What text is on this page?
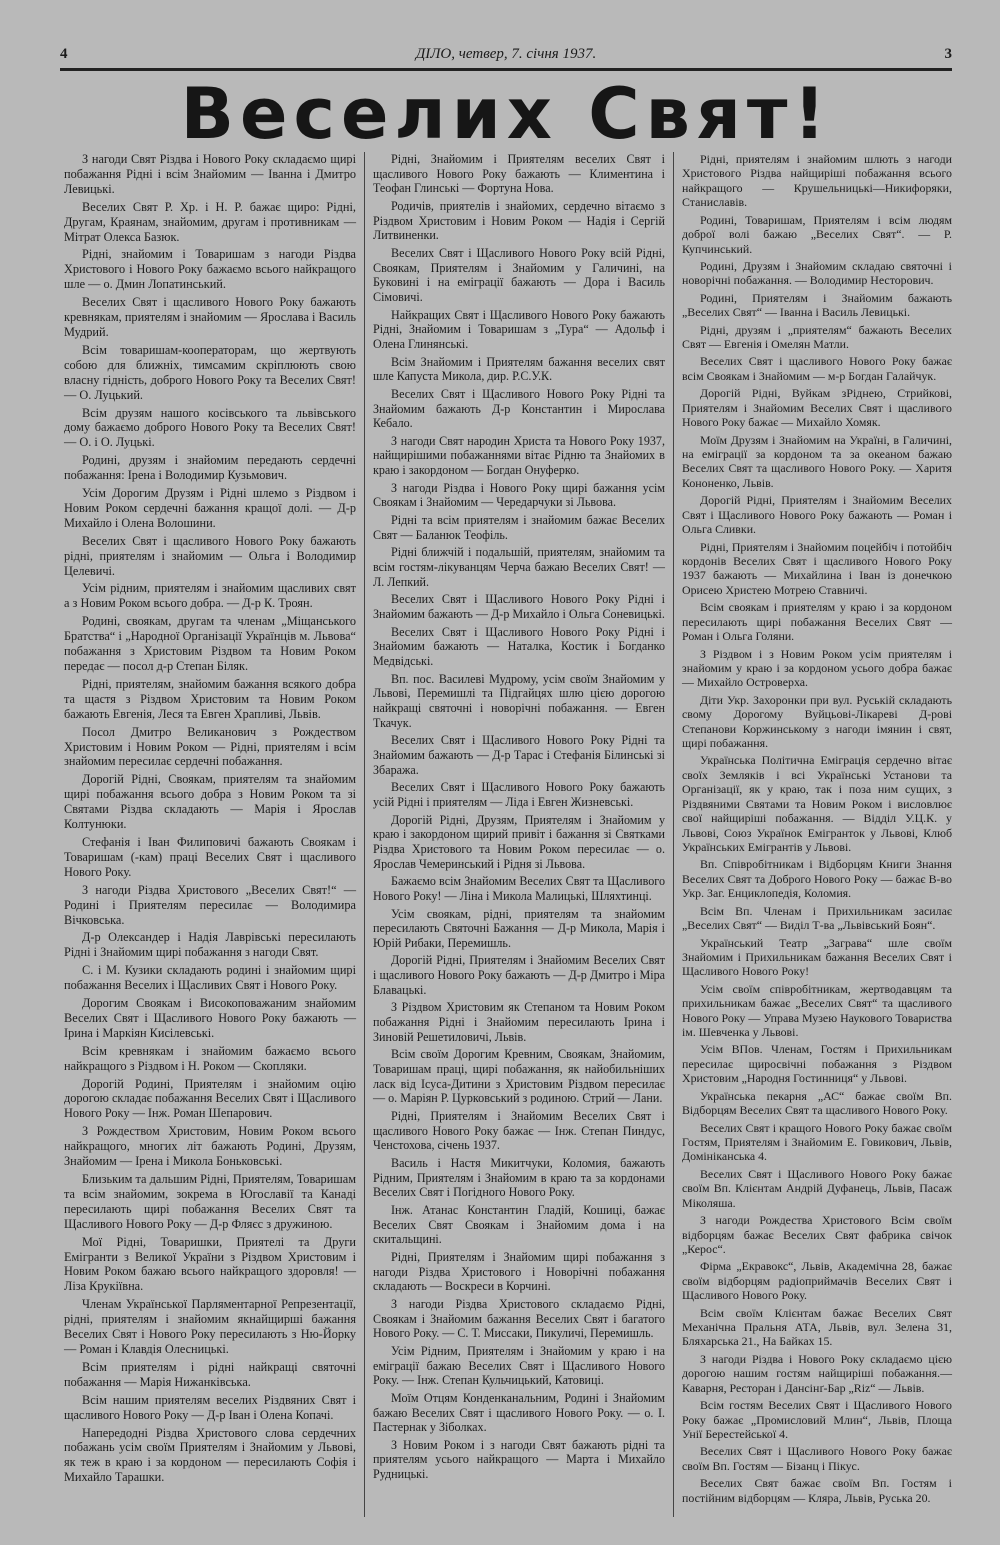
4	ДІЛО, четвер, 7. січня 1937.	3
Веселих Свят!

З нагоди Свят Різдва і Нового Року складаємо щирі побажання Рідні і всім Знайомим — Іванна і Дмитро Левицькі.

Веселих Свят Р. Хр. і Н. Р. бажає щиро: Рідні, Другам, Краянам, знайомим, другам і противникам — Мітрат Олекса Базюк.

Рідні, знайомим і Товаришам з нагоди Різдва Христового і Нового Року бажаємо всього найкращого шле — о. Дмин Лопатинський.

Веселих Свят і щасливого Нового Року бажають кревнякам, приятелям і знайомим — Ярослава і Василь Мудрий.

Всім товаришам-кооператорам, що жертвують собою для ближніх, тимсамим скріплюють свою власну гідність, доброго Нового Року та Веселих Свят! — О. Луцький.

Всім друзям нашого косівського та львівського дому бажаємо доброго Нового Року та Веселих Свят! — О. і О. Луцькі.

Родині, друзям і знайомим передають сердечні побажання: Ірена і Володимир Кузьмович.

Усім Дорогим Друзям і Рідні шлемо з Різдвом і Новим Роком сердечні бажання кращої долі. — Д-р Михайло і Олена Волошини.

Веселих Свят і щасливого Нового Року бажають рідні, приятелям і знайомим — Ольга і Володимир Целевичі.

Усім рідним, приятелям і знайомим щасливих свят а з Новим Роком всього добра. — Д-р К. Троян.

Родині, своякам, другам та членам „Міщанського Братства“ і „Народної Організації Українців м. Львова“ побажання з Христовим Різдвом та Новим Роком передає — посол д-р Степан Біляк.

Рідні, приятелям, знайомим бажання всякого добра та щастя з Різдвом Христовим та Новим Роком бажають Евгенія, Леся та Евген Храпливі, Львів.

Посол Дмитро Великанович з Рождеством Христовим і Новим Роком — Рідні, приятелям і всім знайомим пересилає сердечні побажання.

Дорогій Рідні, Своякам, приятелям та знайомим щирі побажання всього добра з Новим Роком та зі Святами Різдва складають — Марія і Ярослав Колтунюки.

Стефанія і Іван Филиповичі бажають Своякам і Товаришам (-кам) праці Веселих Свят і щасливого Нового Року.

З нагоди Різдва Христового „Веселих Свят!“ — Родині і Приятелям пересилає — Володимира Вічковська.

Д-р Олександер і Надія Лаврівські пересилають Рідні і Знайомим щирі побажання з нагоди Свят.

С. і М. Кузики складають родині і знайомим щирі побажання Веселих і Щасливих Свят і Нового Року.

Дорогим Своякам і Високоповажаним знайомим Веселих Свят і Щасливого Нового Року бажають — Ірина і Маркіян Кисілевські.

Всім кревнякам і знайомим бажаємо всього найкращого з Різдвом і Н. Роком — Скопляки.

Дорогій Родині, Приятелям і знайомим оцію дорогою складає побажання Веселих Свят і Щасливого Нового Року — Інж. Роман Шепарович.

З Рождеством Христовим, Новим Роком всього найкращого, многих літ бажають Родині, Друзям, Знайомим — Ірена і Микола Боньковські.

Близьким та дальшим Рідні, Приятелям, Товаришам та всім знайомим, зокрема в Югославії та Канаді пересилають щирі побажання Веселих Свят та Щасливого Нового Року — Д-р Фляєс з дружиною.

Мої Рідні, Товаришки, Приятелі та Други Емігранти з Великої України з Різдвом Христовим і Новим Роком бажаю всього найкращого здоровля! — Ліза Крукіївна.

Членам Української Парляментарної Репрезентації, рідні, приятелям і знайомим якнайщирші бажання Веселих Свят і Нового Року пересилають з Ню-Йорку — Роман і Клавдія Олесницькі.

Всім приятелям і рідні найкращі святочні побажання — Марія Нижанківська.

Всім нашим приятелям веселих Різдвяних Свят і щасливого Нового Року — Д-р Іван і Олена Копачі.

Напередодні Різдва Христового слова сердечних побажань усім своїм Приятелям і Знайомим у Львові, як теж в краю і за кордоном — пересилають Софія і Михайло Тарашки.

Рідні, Знайомим і Приятелям веселих Свят і щасливого Нового Року бажають — Климентина і Теофан Глинські — Фортуна Нова.

Родичів, приятелів і знайомих, сердечно вітаємо з Різдвом Христовим і Новим Роком — Надія і Сергій Литвиненки.

Веселих Свят і Щасливого Нового Року всій Рідні, Своякам, Приятелям і Знайомим у Галичині, на Буковині і на еміграції бажають — Дора і Василь Сімовичі.

Найкращих Свят і Щасливого Нового Року бажають Рідні, Знайомим і Товаришам з „Тура“ — Адольф і Олена Глинянські.

Всім Знайомим і Приятелям бажання веселих свят шле Капуста Микола, дир. Р.С.У.К.

Веселих Свят і Щасливого Нового Року Рідні та Знайомим бажають Д-р Константин і Мирослава Кебало.

З нагоди Свят народин Христа та Нового Року 1937, найщирішими побажаннями вітає Рідню та Знайомих в краю і закордоном — Богдан Онуферко.

З нагоди Різдва і Нового Року щирі бажання усім Своякам і Знайомим — Чередарчуки зі Львова.

Рідні та всім приятелям і знайомим бажає Веселих Свят — Баланюк Теофіль.

Рідні ближчій і подальшій, приятелям, знайомим та всім гостям-лікуванцям Черча бажаю Веселих Свят! — Л. Лепкий.

Веселих Свят і Щасливого Нового Року Рідні і Знайомим бажають — Д-р Михайло і Ольга Соневицькі.

Веселих Свят і Щасливого Нового Року Рідні і Знайомим бажають — Наталка, Костик і Богданко Медвідські.

Вп. пос. Василеві Мудрому, усім своїм Знайомим у Львові, Перемишлі та Підгайцях шлю цією дорогою найкращі святочні і новорічні побажання. — Евген Ткачук.

Веселих Свят і Щасливого Нового Року Рідні та Знайомим бажають — Д-р Тарас і Стефанія Білинські зі Збаража.

Веселих Свят і Щасливого Нового Року бажають усій Рідні і приятелям — Ліда і Евген Жизневські.

Дорогій Рідні, Друзям, Приятелям і Знайомим у краю і закордоном щирий привіт і бажання зі Святками Різдва Христового та Новим Роком пересилає — о. Ярослав Чемеринський і Рідня зі Львова.

Бажаємо всім Знайомим Веселих Свят та Щасливого Нового Року! — Ліна і Микола Малицькі, Шляхтинці.

Усім своякам, рідні, приятелям та знайомим пересилають Святочні Бажання — Д-р Микола, Марія і Юрій Рибаки, Перемишль.

Дорогій Рідні, Приятелям і Знайомим Веселих Свят і щасливого Нового Року бажають — Д-р Дмитро і Міра Блавацькі.

З Різдвом Христовим як Степаном та Новим Роком побажання Рідні і Знайомим пересилають Ірина і Зиновій Решетиловичі, Львів.

Всім своїм Дорогим Кревним, Своякам, Знайомим, Товаришам праці, щирі побажання, як найобильніших ласк від Ісуса-Дитини з Христовим Різдвом пересилає — о. Маріян Р. Цурковський з родиною. Стрий — Лани.

Рідні, Приятелям і Знайомим Веселих Свят і щасливого Нового Року бажає — Інж. Степан Пиндус, Ченстохова, січень 1937.

Василь і Настя Микитчуки, Коломия, бажають Рідним, Приятелям і Знайомим в краю та за кордонами Веселих Свят і Погідного Нового Року.

Інж. Атанас Константин Гладій, Кошиці, бажає Веселих Свят Своякам і Знайомим дома і на скитальщині.

Рідні, Приятелям і Знайомим щирі побажання з нагоди Різдва Христового і Новорічні побажання складають — Воскреси в Корчині.

З нагоди Різдва Христового складаємо Рідні, Своякам і Знайомим бажання Веселих Свят і багатого Нового Року. — С. Т. Миссаки, Пикуличі, Перемишль.

Усім Рідним, Приятелям і Знайомим у краю і на еміграції бажаю Веселих Свят і Щасливого Нового Року. — Інж. Степан Кульчицький, Катовиці.

Моїм Отцям Конденканальним, Родині і Знайомим бажаю Веселих Свят і щасливого Нового Року. — о. І. Пастернак у Зіболках.

З Новим Роком і з нагоди Свят бажають рідні та приятелям усього найкращого — Марта і Михайло Рудницькі.

Рідні, приятелям і знайомим шлють з нагоди Христового Різдва найщиріші побажання всього найкращого — Крушельницькі—Никифоряки, Станиславів.

Родині, Товаришам, Приятелям і всім людям доброї волі бажаю „Веселих Свят“. — Р. Купчинський.

Родині, Друзям і Знайомим складаю святочні і новорічні побажання. — Володимир Несторович.

Родині, Приятелям і Знайомим бажають „Веселих Свят“ — Іванна і Василь Левицькі.

Рідні, друзям і „приятелям“ бажають Веселих Свят — Евгенія і Омелян Матли.

Веселих Свят і щасливого Нового Року бажає всім Своякам і Знайомим — м-р Богдан Галайчук.

Дорогій Рідні, Вуйкам зРіднею, Стрийкові, Приятелям і Знайомим Веселих Свят і щасливого Нового Року бажає — Михайло Хомяк.

Моїм Друзям і Знайомим на Україні, в Галичині, на еміграції за кордоном та за океаном бажаю Веселих Свят та щасливого Нового Року. — Харитя Кононенко, Львів.

Дорогій Рідні, Приятелям і Знайомим Веселих Свят і Щасливого Нового Року бажають — Роман і Ольга Сливки.

Рідні, Приятелям і Знайомим поцейбіч і потойбіч кордонів Веселих Свят і щасливого Нового Року 1937 бажають — Михайлина і Іван із донечкою Орисею Христею Мотрею Ставничі.

Всім своякам і приятелям у краю і за кордоном пересилають щирі побажання Веселих Свят — Роман і Ольга Голяни.

З Різдвом і з Новим Роком усім приятелям і знайомим у краю і за кордоном усього добра бажає — Михайло Островерха.

Діти Укр. Захоронки при вул. Руській складають свому Дорогому Вуйцьові-Лікареві Д-рові Степанови Коржинському з нагоди імянин і свят, щирі побажання.

Українська Політична Еміграція сердечно вітає своїх Земляків і всі Українські Установи та Організації, як у краю, так і поза ним сущих, з Різдвяними Святами та Новим Роком і висловлює свої найщиріші побажання. — Відділ У.Ц.К. у Львові, Союз Українок Емігранток у Львові, Клюб Українських Емігрантів у Львові.

Вп. Співробітникам і Відборцям Книги Знання Веселих Свят та Доброго Нового Року — бажає В-во Укр. Заг. Енциклопедія, Коломия.

Всім Вп. Членам і Прихильникам засилає „Веселих Свят“ — Виділ Т-ва „Львівський Боян“.

Український Театр „Заграва“ шле своїм Знайомим і Прихильникам бажання Веселих Свят і Щасливого Нового Року!

Усім своїм співробітникам, жертводавцям та прихильникам бажає „Веселих Свят“ та щасливого Нового Року — Управа Музею Наукового Товариства ім. Шевченка у Львові.

Усім ВПов. Членам, Гостям і Прихильникам пересилає щиросвічні побажання з Різдвом Христовим „Народня Гостинниця“ у Львові.

Українська пекарня „АС“ бажає своїм Вп. Відборцям Веселих Свят та щасливого Нового Року.

Веселих Свят і кращого Нового Року бажає своїм Гостям, Приятелям і Знайомим Е. Говикович, Львів, Домініканська 4.

Веселих Свят і Щасливого Нового Року бажає своїм Вп. Клієнтам Андрій Дуфанець, Львів, Пасаж Міколяша.

З нагоди Рождества Христового Всім своїм відборцям бажає Веселих Свят фабрика свічок „Керос“.

Фірма „Екравокс“, Львів, Академічна 28, бажає своїм відборцям радіоприймачів Веселих Свят і Щасливого Нового Року.

Всім своїм Клієнтам бажає Веселих Свят Механічна Пральня АТА, Львів, вул. Зелена 31, Бляхарська 21., На Байках 15.

З нагоди Різдва і Нового Року складаємо цією дорогою нашим гостям найщиріші побажання.— Каварня, Ресторан і Дансінґ-Бар „Riz“ — Львів.

Всім гостям Веселих Свят і Щасливого Нового Року бажає „Промисловий Млин“, Львів, Площа Унії Берестейської 4.

Веселих Свят і Щасливого Нового Року бажає своїм Вп. Гостям — Бізанц і Пікус.

Веселих Свят бажає своїм Вп. Гостям і постійним відборцям — Кляра, Львів, Руська 20.
